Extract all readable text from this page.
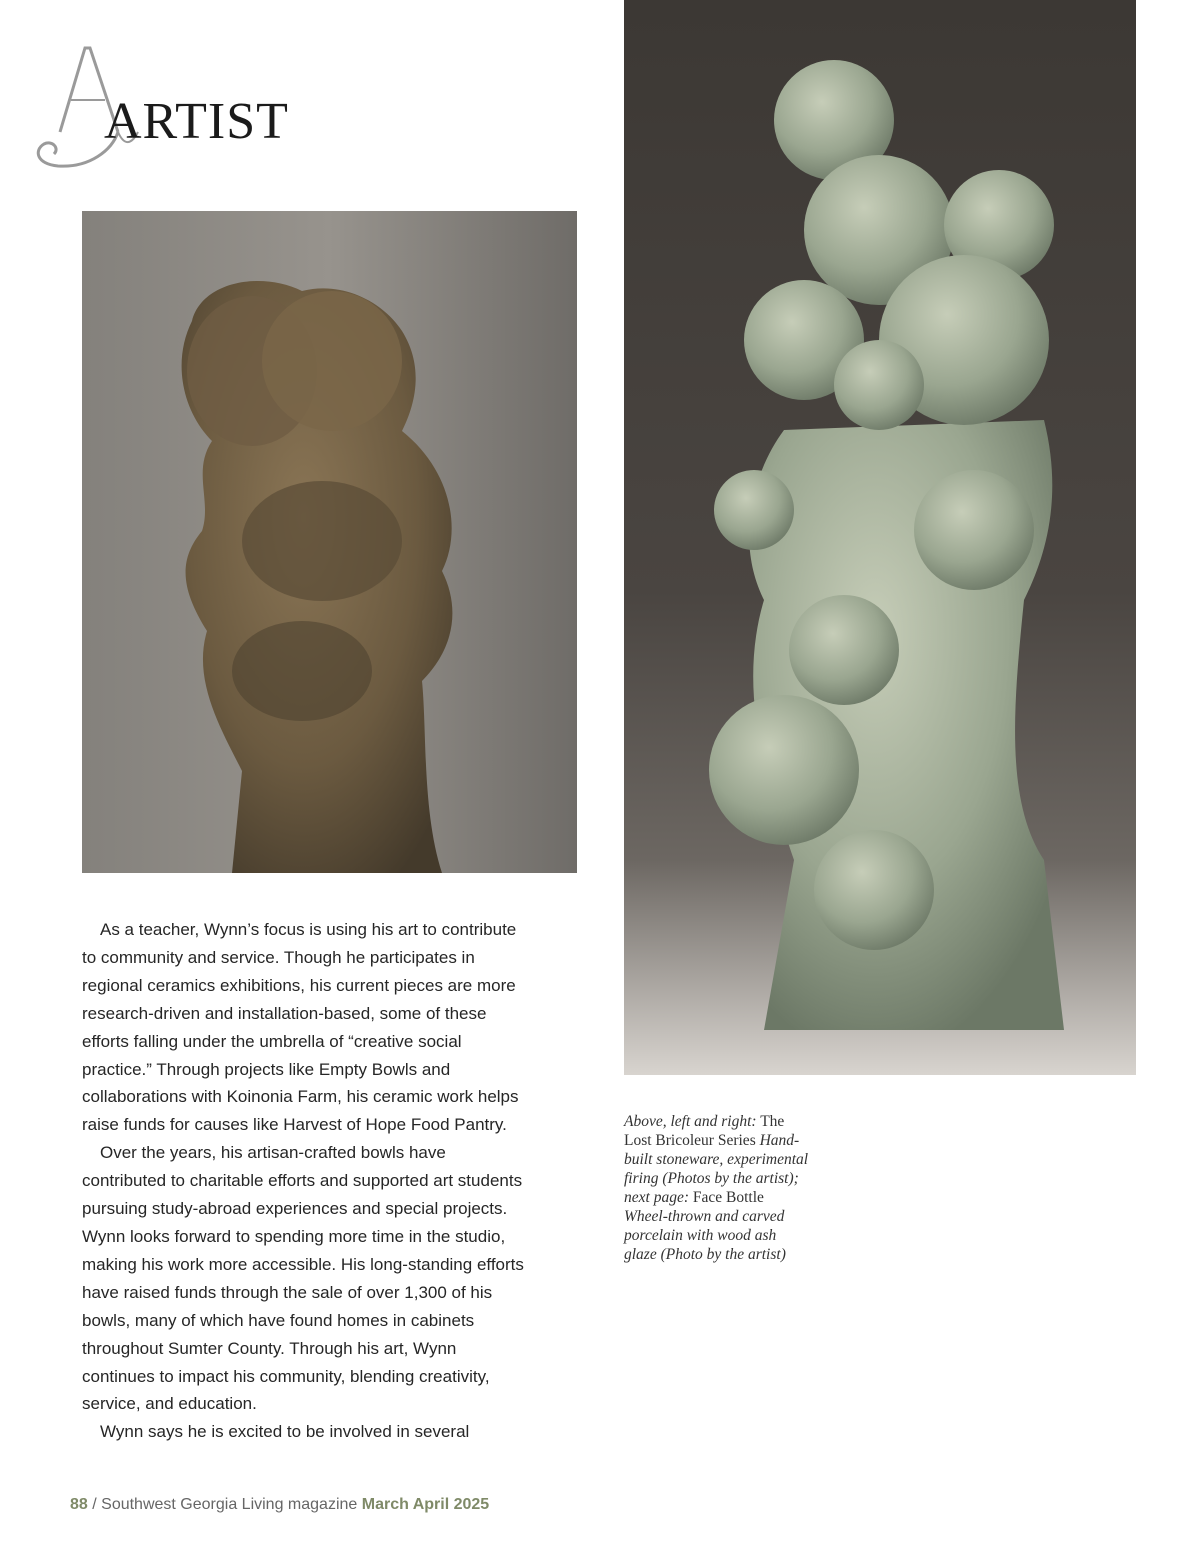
ARTIST

As a teacher, Wynn’s focus is using his art to contribute to community and service. Though he participates in regional ceramics exhibitions, his current pieces are more research-driven and installation-based, some of these efforts falling under the umbrella of “creative social practice.” Through projects like Empty Bowls and collaborations with Koinonia Farm, his ceramic work helps raise funds for causes like Harvest of Hope Food Pantry.

Over the years, his artisan-crafted bowls have contributed to charitable efforts and supported art students pursuing study-abroad experiences and special projects. Wynn looks forward to spending more time in the studio, making his work more accessible. His long-standing efforts have raised funds through the sale of over 1,300 of his bowls, many of which have found homes in cabinets throughout Sumter County. Through his art, Wynn continues to impact his community, blending creativity, service, and education.

Wynn says he is excited to be involved in several

Above, left and right: The Lost Bricoleur Series Hand-built stoneware, experimental firing (Photos by the artist); next page: Face Bottle Wheel-thrown and carved porcelain with wood ash glaze (Photo by the artist)
88 / Southwest Georgia Living magazine March April 2025
